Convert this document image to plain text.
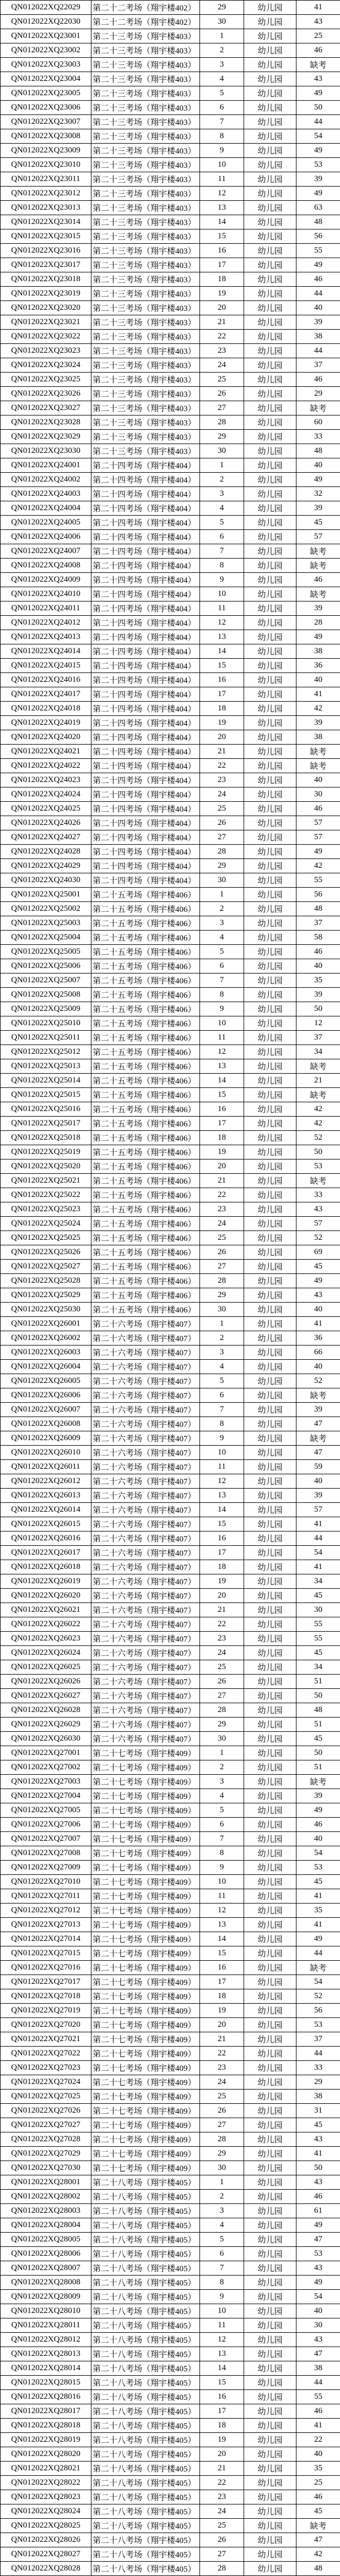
QN012022XQ22029	第二十二考场（翔宇楼402）	29	幼儿园	41
QN012022XQ22030	第二十二考场（翔宇楼402）	30	幼儿园	43
QN012022XQ23001	第二十三考场（翔宇楼403）	1	幼儿园	25
QN012022XQ23002	第二十三考场（翔宇楼403）	2	幼儿园	46
QN012022XQ23003	第二十三考场（翔宇楼403）	3	幼儿园	缺考
QN012022XQ23004	第二十三考场（翔宇楼403）	4	幼儿园	43
QN012022XQ23005	第二十三考场（翔宇楼403）	5	幼儿园	49
QN012022XQ23006	第二十三考场（翔宇楼403）	6	幼儿园	50
QN012022XQ23007	第二十三考场（翔宇楼403）	7	幼儿园	44
QN012022XQ23008	第二十三考场（翔宇楼403）	8	幼儿园	54
QN012022XQ23009	第二十三考场（翔宇楼403）	9	幼儿园	49
QN012022XQ23010	第二十三考场（翔宇楼403）	10	幼儿园	53
QN012022XQ23011	第二十三考场（翔宇楼403）	11	幼儿园	39
QN012022XQ23012	第二十三考场（翔宇楼403）	12	幼儿园	49
QN012022XQ23013	第二十三考场（翔宇楼403）	13	幼儿园	63
QN012022XQ23014	第二十三考场（翔宇楼403）	14	幼儿园	48
QN012022XQ23015	第二十三考场（翔宇楼403）	15	幼儿园	56
QN012022XQ23016	第二十三考场（翔宇楼403）	16	幼儿园	55
QN012022XQ23017	第二十三考场（翔宇楼403）	17	幼儿园	49
QN012022XQ23018	第二十三考场（翔宇楼403）	18	幼儿园	46
QN012022XQ23019	第二十三考场（翔宇楼403）	19	幼儿园	44
QN012022XQ23020	第二十三考场（翔宇楼403）	20	幼儿园	40
QN012022XQ23021	第二十三考场（翔宇楼403）	21	幼儿园	39
QN012022XQ23022	第二十三考场（翔宇楼403）	22	幼儿园	38
QN012022XQ23023	第二十三考场（翔宇楼403）	23	幼儿园	44
QN012022XQ23024	第二十三考场（翔宇楼403）	24	幼儿园	37
QN012022XQ23025	第二十三考场（翔宇楼403）	25	幼儿园	46
QN012022XQ23026	第二十三考场（翔宇楼403）	26	幼儿园	29
QN012022XQ23027	第二十三考场（翔宇楼403）	27	幼儿园	缺考
QN012022XQ23028	第二十三考场（翔宇楼403）	28	幼儿园	60
QN012022XQ23029	第二十三考场（翔宇楼403）	29	幼儿园	33
QN012022XQ23030	第二十三考场（翔宇楼403）	30	幼儿园	48
QN012022XQ24001	第二十四考场（翔宇楼404）	1	幼儿园	40
QN012022XQ24002	第二十四考场（翔宇楼404）	2	幼儿园	49
QN012022XQ24003	第二十四考场（翔宇楼404）	3	幼儿园	32
QN012022XQ24004	第二十四考场（翔宇楼404）	4	幼儿园	39
QN012022XQ24005	第二十四考场（翔宇楼404）	5	幼儿园	45
QN012022XQ24006	第二十四考场（翔宇楼404）	6	幼儿园	57
QN012022XQ24007	第二十四考场（翔宇楼404）	7	幼儿园	缺考
QN012022XQ24008	第二十四考场（翔宇楼404）	8	幼儿园	缺考
QN012022XQ24009	第二十四考场（翔宇楼404）	9	幼儿园	46
QN012022XQ24010	第二十四考场（翔宇楼404）	10	幼儿园	缺考
QN012022XQ24011	第二十四考场（翔宇楼404）	11	幼儿园	39
QN012022XQ24012	第二十四考场（翔宇楼404）	12	幼儿园	28
QN012022XQ24013	第二十四考场（翔宇楼404）	13	幼儿园	49
QN012022XQ24014	第二十四考场（翔宇楼404）	14	幼儿园	38
QN012022XQ24015	第二十四考场（翔宇楼404）	15	幼儿园	36
QN012022XQ24016	第二十四考场（翔宇楼404）	16	幼儿园	40
QN012022XQ24017	第二十四考场（翔宇楼404）	17	幼儿园	41
QN012022XQ24018	第二十四考场（翔宇楼404）	18	幼儿园	42
QN012022XQ24019	第二十四考场（翔宇楼404）	19	幼儿园	39
QN012022XQ24020	第二十四考场（翔宇楼404）	20	幼儿园	38
QN012022XQ24021	第二十四考场（翔宇楼404）	21	幼儿园	缺考
QN012022XQ24022	第二十四考场（翔宇楼404）	22	幼儿园	缺考
QN012022XQ24023	第二十四考场（翔宇楼404）	23	幼儿园	40
QN012022XQ24024	第二十四考场（翔宇楼404）	24	幼儿园	30
QN012022XQ24025	第二十四考场（翔宇楼404）	25	幼儿园	46
QN012022XQ24026	第二十四考场（翔宇楼404）	26	幼儿园	57
QN012022XQ24027	第二十四考场（翔宇楼404）	27	幼儿园	57
QN012022XQ24028	第二十四考场（翔宇楼404）	28	幼儿园	49
QN012022XQ24029	第二十四考场（翔宇楼404）	29	幼儿园	42
QN012022XQ24030	第二十四考场（翔宇楼404）	30	幼儿园	55
QN012022XQ25001	第二十五考场（翔宇楼406）	1	幼儿园	56
QN012022XQ25002	第二十五考场（翔宇楼406）	2	幼儿园	48
QN012022XQ25003	第二十五考场（翔宇楼406）	3	幼儿园	37
QN012022XQ25004	第二十五考场（翔宇楼406）	4	幼儿园	58
QN012022XQ25005	第二十五考场（翔宇楼406）	5	幼儿园	46
QN012022XQ25006	第二十五考场（翔宇楼406）	6	幼儿园	40
QN012022XQ25007	第二十五考场（翔宇楼406）	7	幼儿园	35
QN012022XQ25008	第二十五考场（翔宇楼406）	8	幼儿园	39
QN012022XQ25009	第二十五考场（翔宇楼406）	9	幼儿园	50
QN012022XQ25010	第二十五考场（翔宇楼406）	10	幼儿园	12
QN012022XQ25011	第二十五考场（翔宇楼406）	11	幼儿园	37
QN012022XQ25012	第二十五考场（翔宇楼406）	12	幼儿园	34
QN012022XQ25013	第二十五考场（翔宇楼406）	13	幼儿园	缺考
QN012022XQ25014	第二十五考场（翔宇楼406）	14	幼儿园	21
QN012022XQ25015	第二十五考场（翔宇楼406）	15	幼儿园	缺考
QN012022XQ25016	第二十五考场（翔宇楼406）	16	幼儿园	42
QN012022XQ25017	第二十五考场（翔宇楼406）	17	幼儿园	42
QN012022XQ25018	第二十五考场（翔宇楼406）	18	幼儿园	52
QN012022XQ25019	第二十五考场（翔宇楼406）	19	幼儿园	50
QN012022XQ25020	第二十五考场（翔宇楼406）	20	幼儿园	53
QN012022XQ25021	第二十五考场（翔宇楼406）	21	幼儿园	缺考
QN012022XQ25022	第二十五考场（翔宇楼406）	22	幼儿园	33
QN012022XQ25023	第二十五考场（翔宇楼406）	23	幼儿园	43
QN012022XQ25024	第二十五考场（翔宇楼406）	24	幼儿园	57
QN012022XQ25025	第二十五考场（翔宇楼406）	25	幼儿园	52
QN012022XQ25026	第二十五考场（翔宇楼406）	26	幼儿园	69
QN012022XQ25027	第二十五考场（翔宇楼406）	27	幼儿园	45
QN012022XQ25028	第二十五考场（翔宇楼406）	28	幼儿园	49
QN012022XQ25029	第二十五考场（翔宇楼406）	29	幼儿园	43
QN012022XQ25030	第二十五考场（翔宇楼406）	30	幼儿园	40
QN012022XQ26001	第二十六考场（翔宇楼407）	1	幼儿园	41
QN012022XQ26002	第二十六考场（翔宇楼407）	2	幼儿园	36
QN012022XQ26003	第二十六考场（翔宇楼407）	3	幼儿园	66
QN012022XQ26004	第二十六考场（翔宇楼407）	4	幼儿园	40
QN012022XQ26005	第二十六考场（翔宇楼407）	5	幼儿园	52
QN012022XQ26006	第二十六考场（翔宇楼407）	6	幼儿园	缺考
QN012022XQ26007	第二十六考场（翔宇楼407）	7	幼儿园	39
QN012022XQ26008	第二十六考场（翔宇楼407）	8	幼儿园	47
QN012022XQ26009	第二十六考场（翔宇楼407）	9	幼儿园	缺考
QN012022XQ26010	第二十六考场（翔宇楼407）	10	幼儿园	47
QN012022XQ26011	第二十六考场（翔宇楼407）	11	幼儿园	59
QN012022XQ26012	第二十六考场（翔宇楼407）	12	幼儿园	40
QN012022XQ26013	第二十六考场（翔宇楼407）	13	幼儿园	39
QN012022XQ26014	第二十六考场（翔宇楼407）	14	幼儿园	57
QN012022XQ26015	第二十六考场（翔宇楼407）	15	幼儿园	41
QN012022XQ26016	第二十六考场（翔宇楼407）	16	幼儿园	44
QN012022XQ26017	第二十六考场（翔宇楼407）	17	幼儿园	54
QN012022XQ26018	第二十六考场（翔宇楼407）	18	幼儿园	41
QN012022XQ26019	第二十六考场（翔宇楼407）	19	幼儿园	34
QN012022XQ26020	第二十六考场（翔宇楼407）	20	幼儿园	45
QN012022XQ26021	第二十六考场（翔宇楼407）	21	幼儿园	30
QN012022XQ26022	第二十六考场（翔宇楼407）	22	幼儿园	55
QN012022XQ26023	第二十六考场（翔宇楼407）	23	幼儿园	55
QN012022XQ26024	第二十六考场（翔宇楼407）	24	幼儿园	45
QN012022XQ26025	第二十六考场（翔宇楼407）	25	幼儿园	34
QN012022XQ26026	第二十六考场（翔宇楼407）	26	幼儿园	51
QN012022XQ26027	第二十六考场（翔宇楼407）	27	幼儿园	50
QN012022XQ26028	第二十六考场（翔宇楼407）	28	幼儿园	48
QN012022XQ26029	第二十六考场（翔宇楼407）	29	幼儿园	51
QN012022XQ26030	第二十六考场（翔宇楼407）	30	幼儿园	45
QN012022XQ27001	第二十七考场（翔宇楼409）	1	幼儿园	50
QN012022XQ27002	第二十七考场（翔宇楼409）	2	幼儿园	51
QN012022XQ27003	第二十七考场（翔宇楼409）	3	幼儿园	缺考
QN012022XQ27004	第二十七考场（翔宇楼409）	4	幼儿园	39
QN012022XQ27005	第二十七考场（翔宇楼409）	5	幼儿园	49
QN012022XQ27006	第二十七考场（翔宇楼409）	6	幼儿园	46
QN012022XQ27007	第二十七考场（翔宇楼409）	7	幼儿园	40
QN012022XQ27008	第二十七考场（翔宇楼409）	8	幼儿园	54
QN012022XQ27009	第二十七考场（翔宇楼409）	9	幼儿园	53
QN012022XQ27010	第二十七考场（翔宇楼409）	10	幼儿园	45
QN012022XQ27011	第二十七考场（翔宇楼409）	11	幼儿园	41
QN012022XQ27012	第二十七考场（翔宇楼409）	12	幼儿园	35
QN012022XQ27013	第二十七考场（翔宇楼409）	13	幼儿园	41
QN012022XQ27014	第二十七考场（翔宇楼409）	14	幼儿园	49
QN012022XQ27015	第二十七考场（翔宇楼409）	15	幼儿园	44
QN012022XQ27016	第二十七考场（翔宇楼409）	16	幼儿园	缺考
QN012022XQ27017	第二十七考场（翔宇楼409）	17	幼儿园	54
QN012022XQ27018	第二十七考场（翔宇楼409）	18	幼儿园	52
QN012022XQ27019	第二十七考场（翔宇楼409）	19	幼儿园	56
QN012022XQ27020	第二十七考场（翔宇楼409）	20	幼儿园	53
QN012022XQ27021	第二十七考场（翔宇楼409）	21	幼儿园	37
QN012022XQ27022	第二十七考场（翔宇楼409）	22	幼儿园	44
QN012022XQ27023	第二十七考场（翔宇楼409）	23	幼儿园	33
QN012022XQ27024	第二十七考场（翔宇楼409）	24	幼儿园	29
QN012022XQ27025	第二十七考场（翔宇楼409）	25	幼儿园	38
QN012022XQ27026	第二十七考场（翔宇楼409）	26	幼儿园	31
QN012022XQ27027	第二十七考场（翔宇楼409）	27	幼儿园	45
QN012022XQ27028	第二十七考场（翔宇楼409）	28	幼儿园	43
QN012022XQ27029	第二十七考场（翔宇楼409）	29	幼儿园	41
QN012022XQ27030	第二十七考场（翔宇楼409）	30	幼儿园	50
QN012022XQ28001	第二十八考场（翔宇楼405）	1	幼儿园	43
QN012022XQ28002	第二十八考场（翔宇楼405）	2	幼儿园	46
QN012022XQ28003	第二十八考场（翔宇楼405）	3	幼儿园	61
QN012022XQ28004	第二十八考场（翔宇楼405）	4	幼儿园	49
QN012022XQ28005	第二十八考场（翔宇楼405）	5	幼儿园	47
QN012022XQ28006	第二十八考场（翔宇楼405）	6	幼儿园	53
QN012022XQ28007	第二十八考场（翔宇楼405）	7	幼儿园	43
QN012022XQ28008	第二十八考场（翔宇楼405）	8	幼儿园	49
QN012022XQ28009	第二十八考场（翔宇楼405）	9	幼儿园	54
QN012022XQ28010	第二十八考场（翔宇楼405）	10	幼儿园	40
QN012022XQ28011	第二十八考场（翔宇楼405）	11	幼儿园	30
QN012022XQ28012	第二十八考场（翔宇楼405）	12	幼儿园	43
QN012022XQ28013	第二十八考场（翔宇楼405）	13	幼儿园	47
QN012022XQ28014	第二十八考场（翔宇楼405）	14	幼儿园	38
QN012022XQ28015	第二十八考场（翔宇楼405）	15	幼儿园	44
QN012022XQ28016	第二十八考场（翔宇楼405）	16	幼儿园	55
QN012022XQ28017	第二十八考场（翔宇楼405）	17	幼儿园	46
QN012022XQ28018	第二十八考场（翔宇楼405）	18	幼儿园	41
QN012022XQ28019	第二十八考场（翔宇楼405）	19	幼儿园	22
QN012022XQ28020	第二十八考场（翔宇楼405）	20	幼儿园	40
QN012022XQ28021	第二十八考场（翔宇楼405）	21	幼儿园	35
QN012022XQ28022	第二十八考场（翔宇楼405）	22	幼儿园	25
QN012022XQ28023	第二十八考场（翔宇楼405）	23	幼儿园	46
QN012022XQ28024	第二十八考场（翔宇楼405）	24	幼儿园	45
QN012022XQ28025	第二十八考场（翔宇楼405）	25	幼儿园	缺考
QN012022XQ28026	第二十八考场（翔宇楼405）	26	幼儿园	47
QN012022XQ28027	第二十八考场（翔宇楼405）	27	幼儿园	42
QN012022XQ28028	第二十八考场（翔宇楼405）	28	幼儿园	48
